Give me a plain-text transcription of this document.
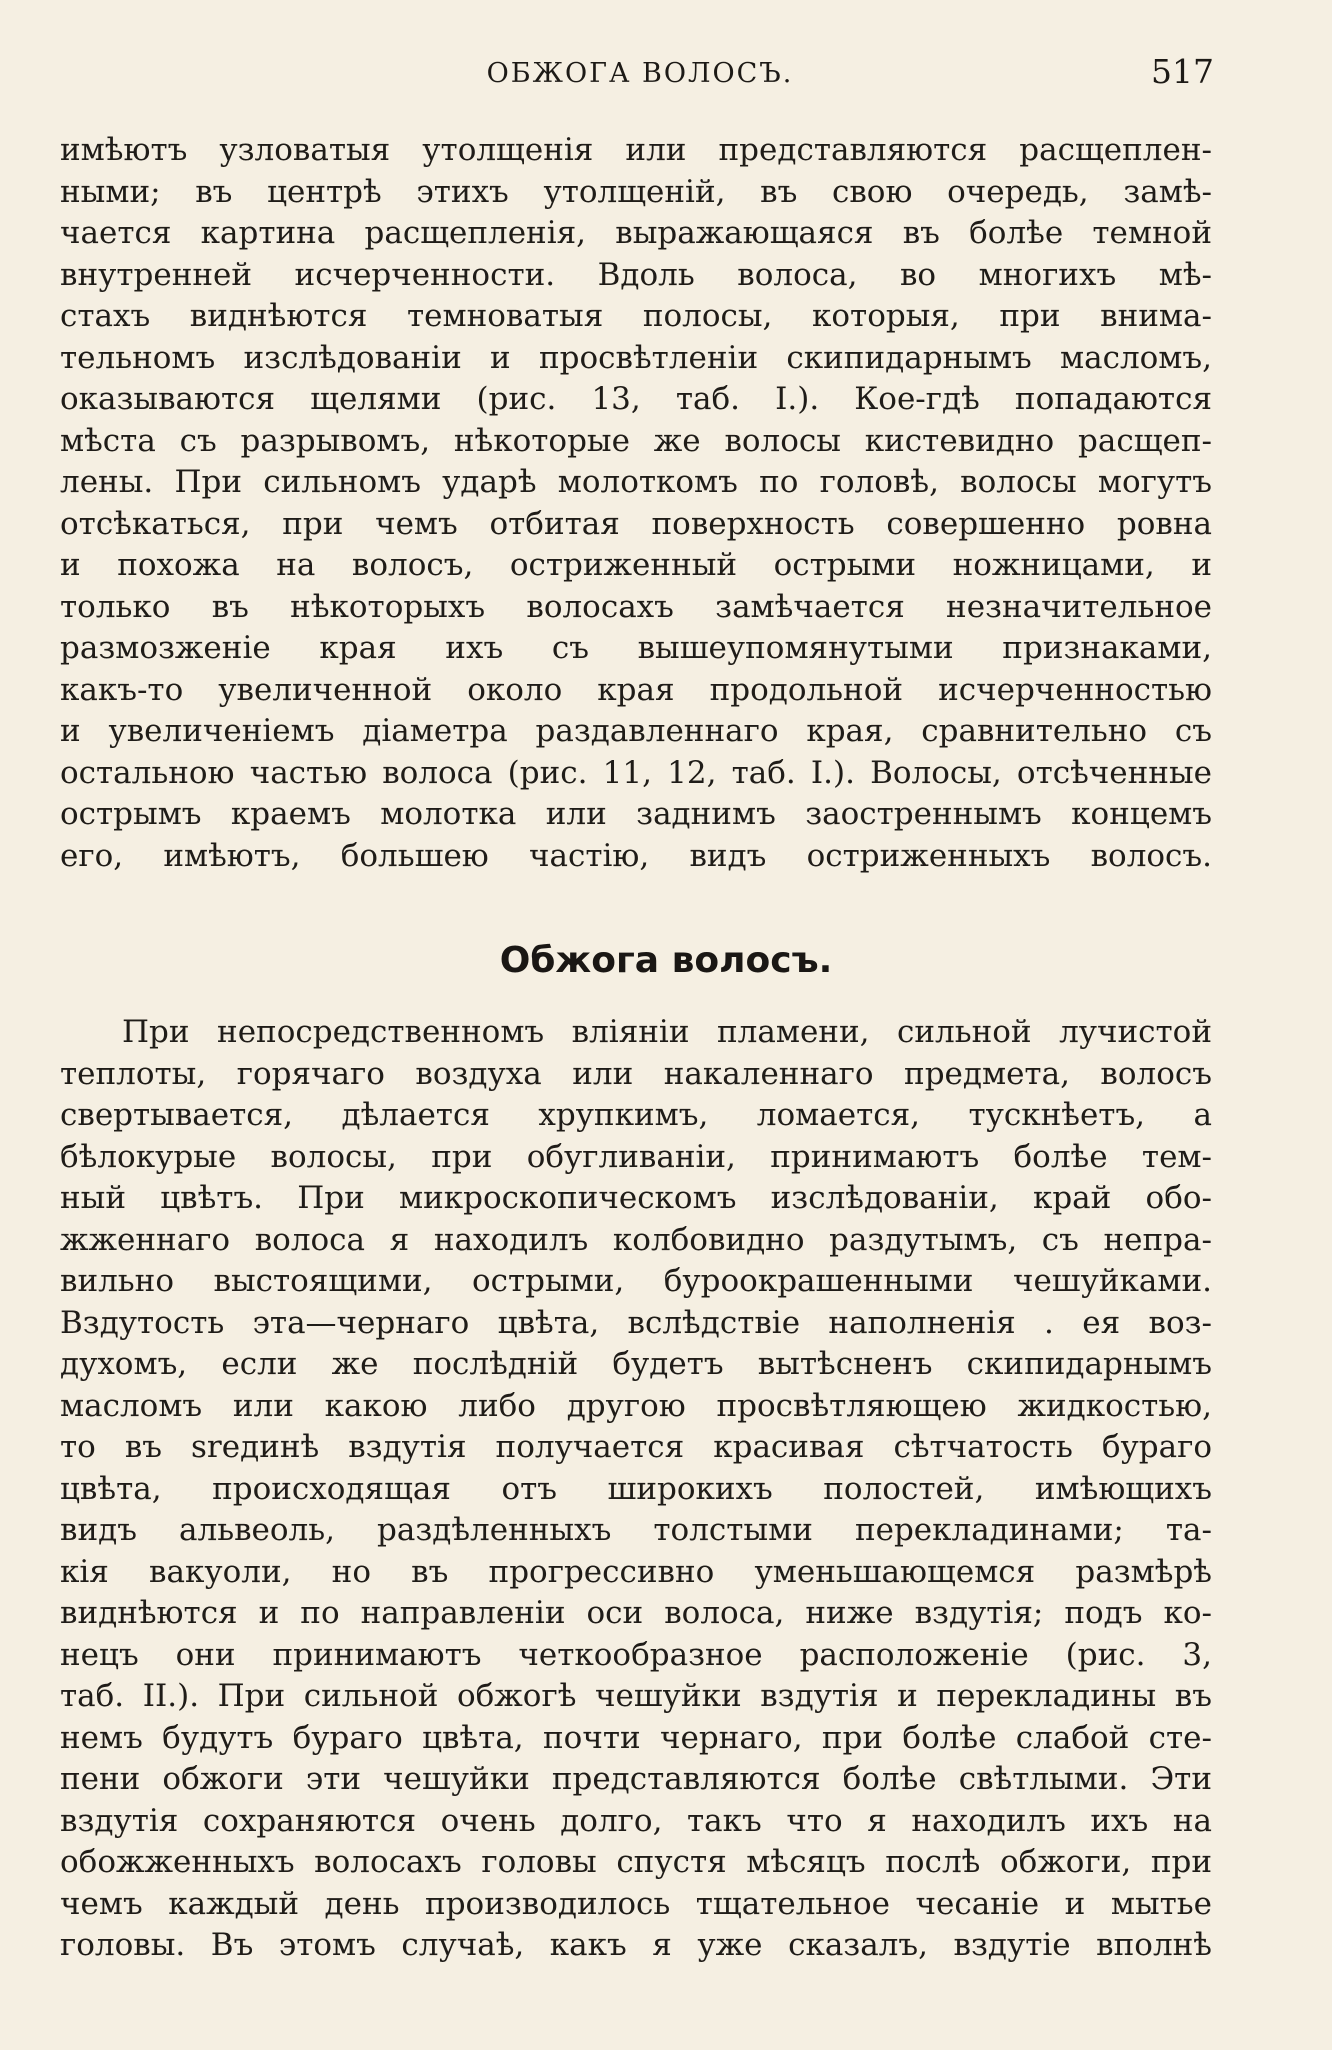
ОБЖОГА ВОЛОСЪ.	517
имѣютъ узловатыя утолщенія или представляются расщеплен-
ными; въ центрѣ этихъ утолщеній, въ свою очередь, замѣ-
чается картина расщепленія, выражающаяся въ болѣе темной
внутренней исчерченности. Вдоль волоса, во многихъ мѣ-
стахъ виднѣются темноватыя полосы, которыя, при внима-
тельномъ изслѣдованіи и просвѣтленіи скипидарнымъ масломъ,
оказываются щелями (рис. 13, таб. I.). Кое-гдѣ попадаются
мѣста съ разрывомъ, нѣкоторые же волосы кистевидно расщеп-
лены. При сильномъ ударѣ молоткомъ по головѣ, волосы могутъ
отсѣкаться, при чемъ отбитая поверхность совершенно ровна
и похожа на волосъ, остриженный острыми ножницами, и
только въ нѣкоторыхъ волосахъ замѣчается незначительное
размозженіе края ихъ съ вышеупомянутыми признаками,
какъ-то увеличенной около края продольной исчерченностью
и увеличеніемъ діаметра раздавленнаго края, сравнительно съ
остальною частью волоса (рис. 11, 12, таб. I.). Волосы, отсѣченные
острымъ краемъ молотка или заднимъ заостреннымъ концемъ
его, имѣютъ, большею частію, видъ остриженныхъ волосъ.
Обжога волосъ.
При непосредственномъ вліяніи пламени, сильной лучистой
теплоты, горячаго воздуха или накаленнаго предмета, волосъ
свертывается, дѣлается хрупкимъ, ломается, тускнѣетъ, а
бѣлокурые волосы, при обугливаніи, принимаютъ болѣе тем-
ный цвѣтъ. При микроскопическомъ изслѣдованіи, край обо-
жженнаго волоса я находилъ колбовидно раздутымъ, съ непра-
вильно выстоящими, острыми, буроокрашенными чешуйками.
Вздутость эта—чернаго цвѣта, вслѣдствіе наполненія . ея воз-
духомъ, если же послѣдній будетъ вытѣсненъ скипидарнымъ
масломъ или какою либо другою просвѣтляющею жидкостью,
то въ srединѣ вздутія получается красивая сѣтчатость бураго
цвѣта, происходящая отъ широкихъ полостей, имѣющихъ
видъ альвеоль, раздѣленныхъ толстыми перекладинами; та-
кія вакуоли, но въ прогрессивно уменьшающемся размѣрѣ
виднѣются и по направленіи оси волоса, ниже вздутія; подъ ко-
нецъ они принимаютъ четкообразное расположеніе (рис. 3,
таб. II.). При сильной обжогѣ чешуйки вздутія и перекладины въ
немъ будутъ бураго цвѣта, почти чернаго, при болѣе слабой сте-
пени обжоги эти чешуйки представляются болѣе свѣтлыми. Эти
вздутія сохраняются очень долго, такъ что я находилъ ихъ на
обожженныхъ волосахъ головы спустя мѣсяцъ послѣ обжоги, при
чемъ каждый день производилось тщательное чесаніе и мытье
головы. Въ этомъ случаѣ, какъ я уже сказалъ, вздутіе вполнѣ
